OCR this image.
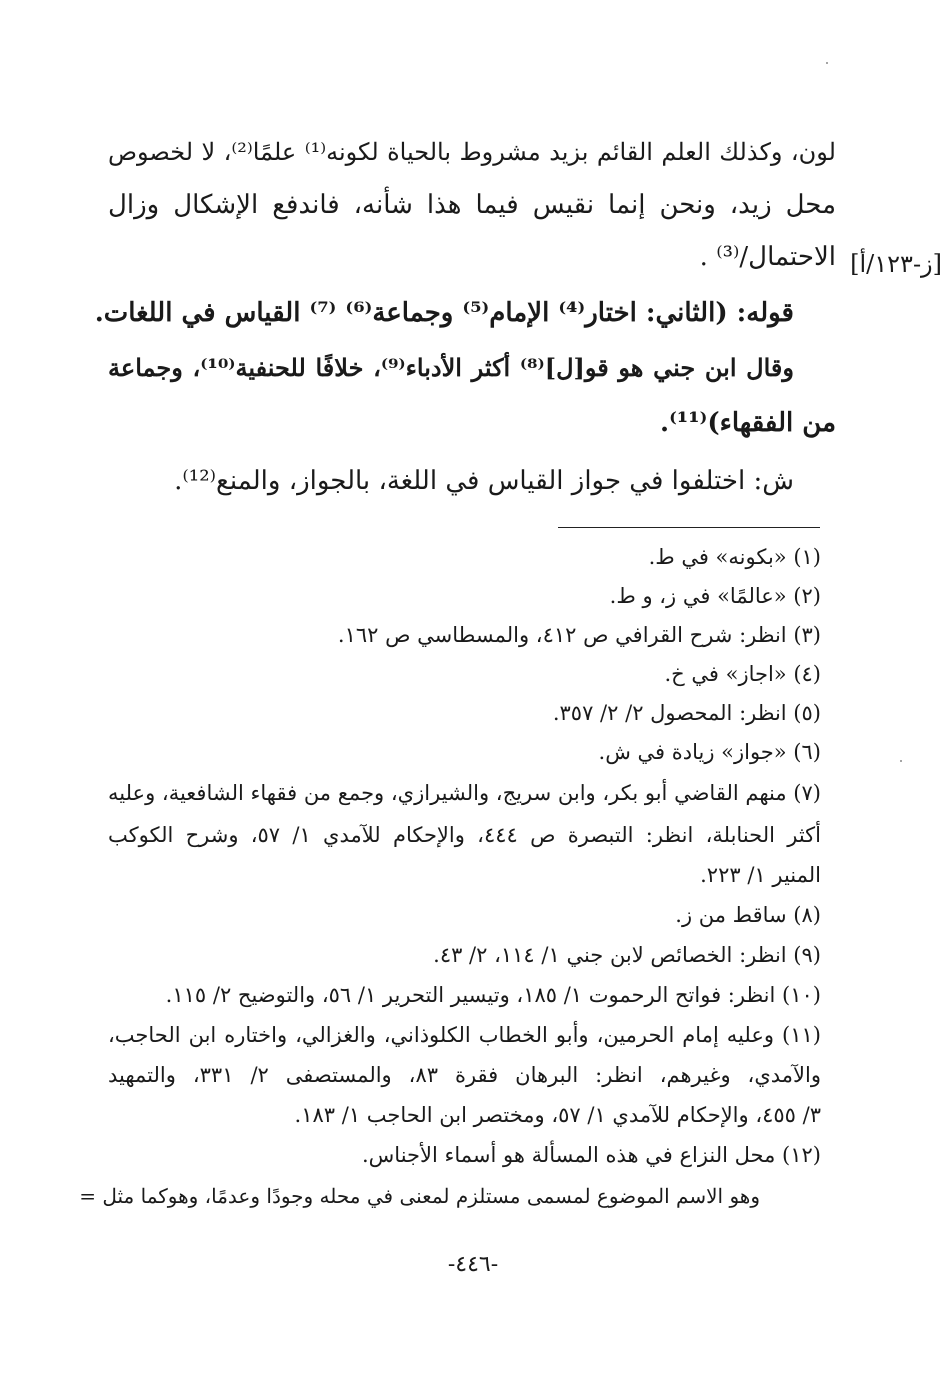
لون، وكذلك العلم القائم بزيد مشروط بالحياة لكونه⁽¹⁾ علمًا⁽²⁾، لا لخصوص
محل زيد، ونحن إنما نقيس فيما هذا شأنه، فاندفع الإشكال وزال
الاحتمال/⁽³⁾ . [ز-١٢٣/أ]
قوله: (الثاني: اختار⁽⁴⁾ الإمام⁽⁵⁾ وجماعة⁽⁶⁾ ⁽⁷⁾ القياس في اللغات.
وقال ابن جني هو قو[ل]⁽⁸⁾ أكثر الأدباء⁽⁹⁾، خلافًا للحنفية⁽¹⁰⁾، وجماعة
من الفقهاء)⁽¹¹⁾.
ش: اختلفوا في جواز القياس في اللغة، بالجواز، والمنع⁽¹²⁾.
(١) «بكونه» في ط.
(٢) «عالمًا» في ز، و ط.
(٣) انظر: شرح القرافي ص ٤١٢، والمسطاسي ص ١٦٢.
(٤) «اجاز» في خ.
(٥) انظر: المحصول ٢/ ٢/ ٣٥٧.
(٦) «جواز» زيادة في ش.
(٧) منهم القاضي أبو بكر، وابن سريج، والشيرازي، وجمع من فقهاء الشافعية، وعليه
أكثر الحنابلة، انظر: التبصرة ص ٤٤٤، والإحكام للآمدي ١/ ٥٧، وشرح الكوكب
المنير ١/ ٢٢٣.
(٨) ساقط من ز.
(٩) انظر: الخصائص لابن جني ١/ ١١٤، ٢/ ٤٣.
(١٠) انظر: فواتح الرحموت ١/ ١٨٥، وتيسير التحرير ١/ ٥٦، والتوضيح ٢/ ١١٥.
(١١) وعليه إمام الحرمين، وأبو الخطاب الكلوذاني، والغزالي، واختاره ابن الحاجب،
والآمدي، وغيرهم، انظر: البرهان فقرة ٨٣، والمستصفى ٢/ ٣٣١، والتمهيد
٣/ ٤٥٥، والإحكام للآمدي ١/ ٥٧، ومختصر ابن الحاجب ١/ ١٨٣.
(١٢) محل النزاع في هذه المسألة هو أسماء الأجناس.
وهو الاسم الموضوع لمسمى مستلزم لمعنى في محله وجودًا وعدمًا، وهوكما مثل =
-٤٤٦-
